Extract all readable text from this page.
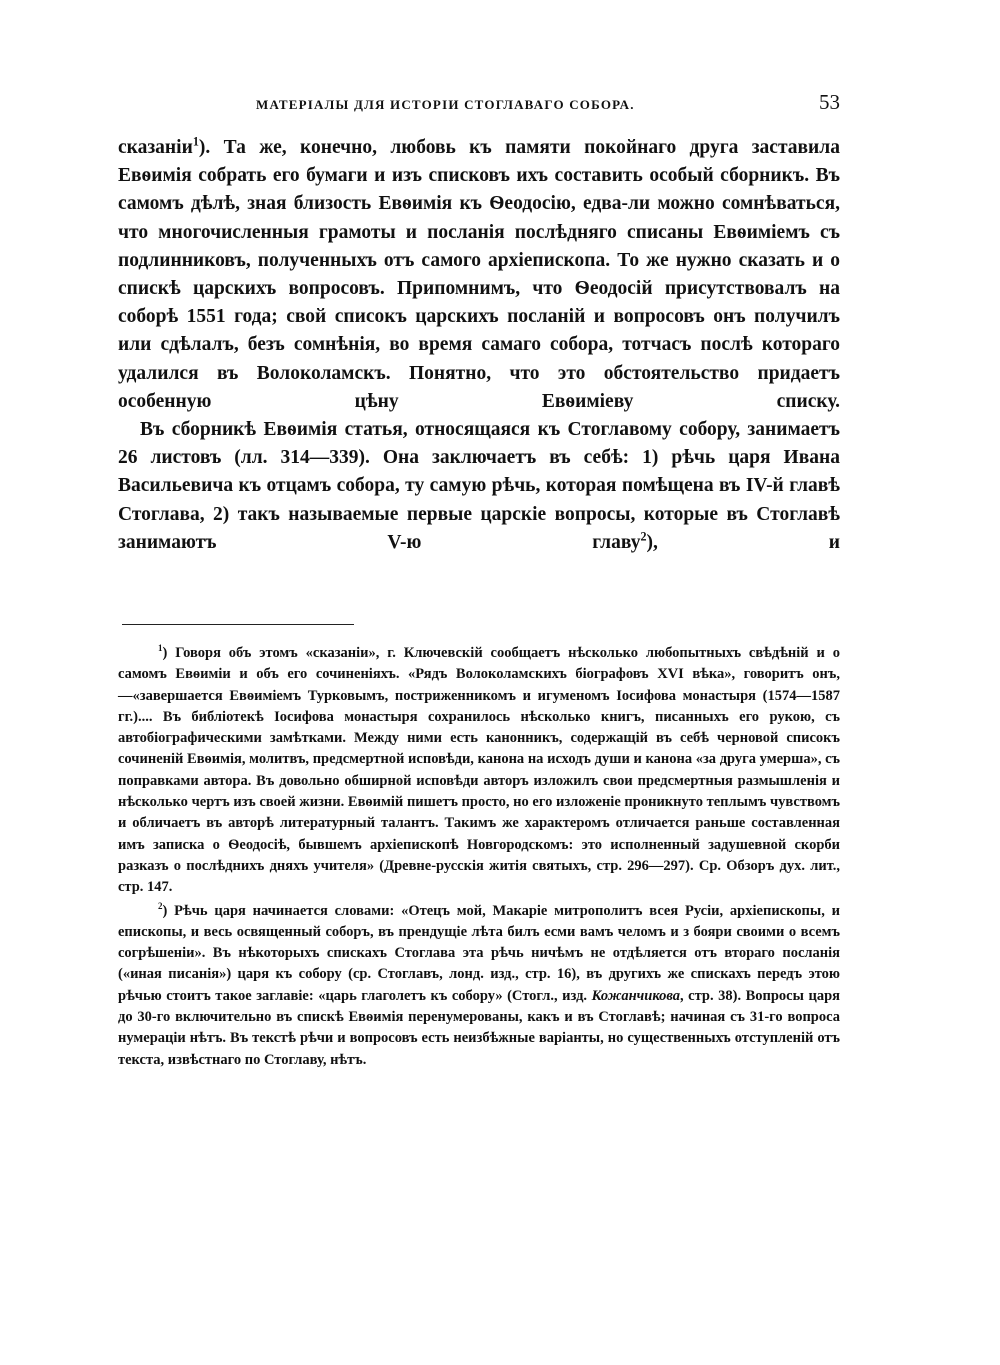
МАТЕРІАЛЫ ДЛЯ ИСТОРІИ СТОГЛАВАГО СОБОРА.	53

сказаніи$^1$). Та же, конечно, любовь къ памяти покойнаго друга заставила Евѳимія собрать его бумаги и изъ списковъ ихъ составить особый сборникъ. Въ самомъ дѣлѣ, зная близость Евѳимія къ Ѳеодосію, едва-ли можно сомнѣваться, что многочисленныя грамоты и посланія послѣдняго списаны Евѳиміемъ съ подлинниковъ, полученныхъ отъ самого архіепископа. То же нужно сказать и о спискѣ царскихъ вопросовъ. Припомнимъ, что Ѳеодосій присутствовалъ на соборѣ 1551 года; свой списокъ царскихъ посланій и вопросовъ онъ получилъ или сдѣлалъ, безъ сомнѣнія, во время самаго собора, тотчасъ послѣ котораго удалился въ Волоколамскъ. Понятно, что это обстоятельство придаетъ особенную цѣну Евѳиміеву списку.

Въ сборникѣ Евѳимія статья, относящаяся къ Стоглавому собору, занимаетъ 26 листовъ (лл. 314—339). Она заключаетъ въ себѣ: 1) рѣчь царя Ивана Васильевича къ отцамъ собора, ту самую рѣчь, которая помѣщена въ IV-й главѣ Стоглава, 2) такъ называемые первые царскіе вопросы, которые въ Стоглавѣ занимаютъ V-ю главу$^2$), и

$^1$) Говоря объ этомъ «сказаніи», г. Ключевскій сообщаетъ нѣсколько любопытныхъ свѣдѣній и о самомъ Евѳиміи и объ его сочиненіяхъ. «Рядъ Волоколамскихъ біографовъ XVI вѣка», говоритъ онъ,—«завершается Евѳиміемъ Турковымъ, постриженникомъ и игуменомъ Іосифова монастыря (1574—1587 гг.).... Въ библіотекѣ Іосифова монастыря сохранилось нѣсколько книгъ, писанныхъ его рукою, съ автобіографическими замѣтками. Между ними есть канонникъ, содержащій въ себѣ черновой списокъ сочиненій Евѳимія, молитвъ, предсмертной исповѣди, канона на исходъ души и канона «за друга умерша», съ поправками автора. Въ довольно обширной исповѣди авторъ изложилъ свои предсмертныя размышленія и нѣсколько чертъ изъ своей жизни. Евѳимій пишетъ просто, но его изложеніе проникнуто теплымъ чувствомъ и обличаетъ въ авторѣ литературный талантъ. Такимъ же характеромъ отличается раньше составленная имъ записка о Ѳеодосіѣ, бывшемъ архіепископѣ Новгородскомъ: это исполненный задушевной скорби разказъ о послѣднихъ дняхъ учителя» (Древне-русскія житія святыхъ, стр. 296—297). Ср. Обзоръ дух. лит., стр. 147.

$^2$) Рѣчь царя начинается словами: «Отецъ мой, Макаріе митрополитъ всея Русіи, архіепископы, и епископы, и весь освященный соборъ, въ прендущіе лѣта билъ есми вамъ челомъ и з бояри своими о всемъ согрѣшеніи». Въ нѣкоторыхъ спискахъ Стоглава эта рѣчь ничѣмъ не отдѣляется отъ втораго посланія («иная писанія») царя къ собору (ср. Стоглавъ, лонд. изд., стр. 16), въ другихъ же спискахъ передъ этою рѣчью стоитъ такое заглавіе: «царь глаголетъ къ собору» (Стогл., изд. Кожанчикова, стр. 38). Вопросы царя до 30-го включительно въ спискѣ Евѳимія перенумерованы, какъ и въ Стоглавѣ; начиная съ 31-го вопроса нумераціи нѣтъ. Въ текстѣ рѣчи и вопросовъ есть неизбѣжные варіанты, но существенныхъ отступленій отъ текста, извѣстнаго по Стоглаву, нѣтъ.
